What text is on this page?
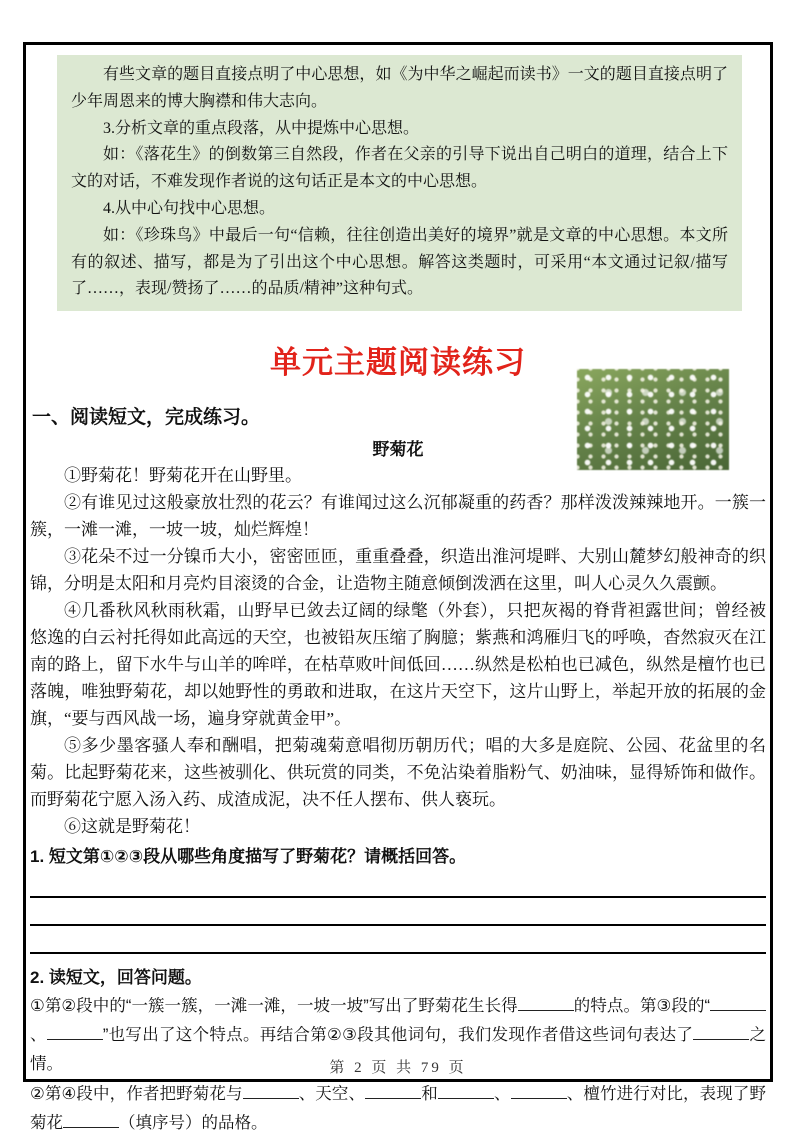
有些文章的题目直接点明了中心思想，如《为中华之崛起而读书》一文的题目直接点明了少年周恩来的博大胸襟和伟大志向。

3.分析文章的重点段落，从中提炼中心思想。

如：《落花生》的倒数第三自然段，作者在父亲的引导下说出自己明白的道理，结合上下文的对话，不难发现作者说的这句话正是本文的中心思想。

4.从中心句找中心思想。

如：《珍珠鸟》中最后一句“信赖，往往创造出美好的境界”就是文章的中心思想。本文所有的叙述、描写，都是为了引出这个中心思想。解答这类题时，可采用“本文通过记叙/描写了……，表现/赞扬了……的品质/精神”这种句式。

单元主题阅读练习
一、阅读短文，完成练习。
野菊花

①野菊花！野菊花开在山野里。

②有谁见过这般豪放壮烈的花云？有谁闻过这么沉郁凝重的药香？那样泼泼辣辣地开。一簇一簇，一滩一滩，一坡一坡，灿烂辉煌！

③花朵不过一分镍币大小，密密匝匝，重重叠叠，织造出淮河堤畔、大别山麓梦幻般神奇的织锦，分明是太阳和月亮灼目滚烫的合金，让造物主随意倾倒泼洒在这里，叫人心灵久久震颤。

④几番秋风秋雨秋霜，山野早已敛去辽阔的绿氅（外套），只把灰褐的脊背袒露世间；曾经被悠逸的白云衬托得如此高远的天空，也被铅灰压缩了胸臆；紫燕和鸿雁归飞的呼唤，杳然寂灭在江南的路上，留下水牛与山羊的哞咩，在枯草败叶间低回……纵然是松柏也已减色，纵然是檀竹也已落魄，唯独野菊花，却以她野性的勇敢和进取，在这片天空下，这片山野上，举起开放的拓展的金旗，“要与西风战一场，遍身穿就黄金甲”。

⑤多少墨客骚人奉和酬唱，把菊魂菊意唱彻历朝历代；唱的大多是庭院、公园、花盆里的名菊。比起野菊花来，这些被驯化、供玩赏的同类，不免沾染着脂粉气、奶油味，显得矫饰和做作。而野菊花宁愿入汤入药、成渣成泥，决不任人摆布、供人亵玩。

⑥这就是野菊花！

1. 短文第①②③段从哪些角度描写了野菊花？请概括回答。

2. 读短文，回答问题。

①第②段中的“一簇一簇，一滩一滩，一坡一坡”写出了野菊花生长得	的特点。第③段的“、	”也写出了这个特点。再结合第②③段其他词句，我们发现作者借这些词句表达了	之情。

②第④段中，作者把野菊花与	、天空、	和	、	、檀竹进行对比，表现了野菊花	（填序号）的品格。

第 2 页 共 79 页
